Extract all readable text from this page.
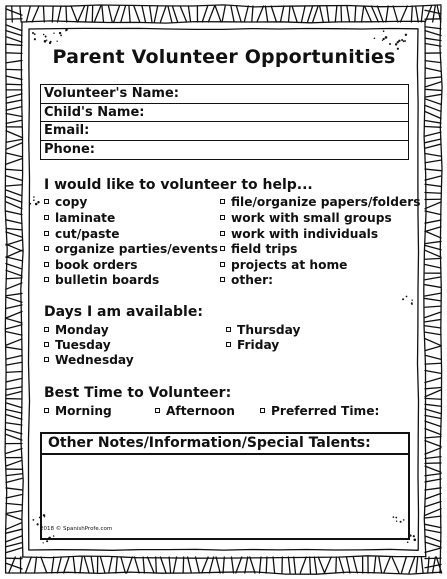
Parent Volunteer Opportunities
Volunteer's Name:
Child's Name:
Email:
Phone:
I would like to volunteer to help...
copy
laminate
cut/paste
organize parties/events
book orders
bulletin boards
file/organize papers/folders
work with small groups
work with individuals
field trips
projects at home
other:
Days I am available:
Monday
Tuesday
Wednesday
Thursday
Friday
Best Time to Volunteer:
Morning	Afternoon	Preferred Time:
Other Notes/Information/Special Talents:
2018 © SpanishProfe.com
